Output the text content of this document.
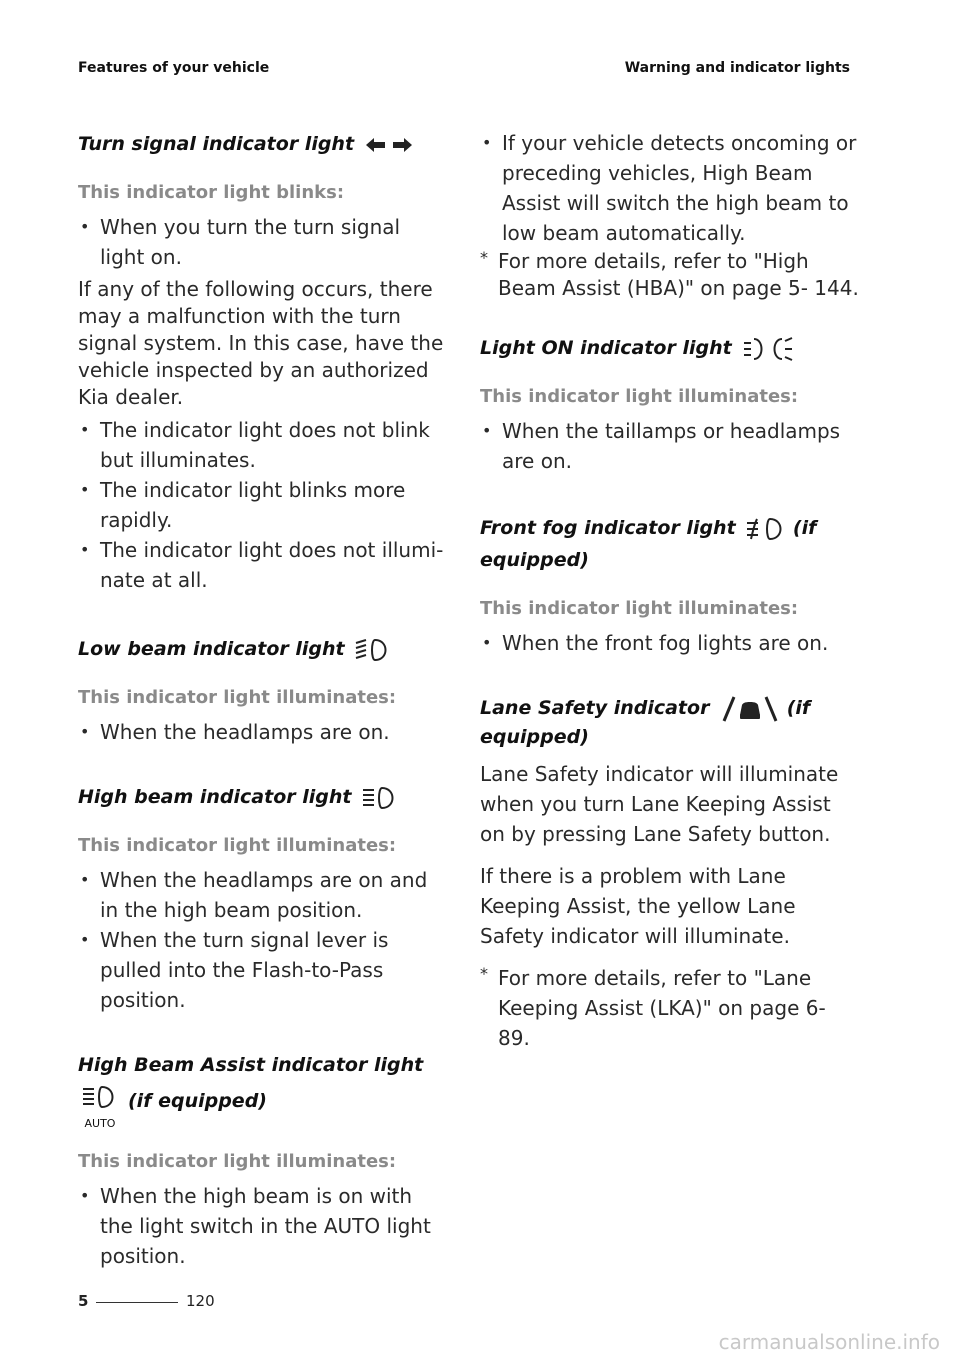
Features of your vehicle	Warning and indicator lights
Turn signal indicator light
This indicator light blinks:
• When you turn the turn signal light on.
If any of the following occurs, there may a malfunction with the turn signal system. In this case, have the vehicle inspected by an authorized Kia dealer.
• The indicator light does not blink but illuminates.
• The indicator light blinks more rapidly.
• The indicator light does not illumi- nate at all.
Low beam indicator light
This indicator light illuminates:
• When the headlamps are on.
High beam indicator light
This indicator light illuminates:
• When the headlamps are on and in the high beam position.
• When the turn signal lever is pulled into the Flash-to-Pass position.
High Beam Assist indicator light
AUTO
(if equipped)
This indicator light illuminates:
• When the high beam is on with the light switch in the AUTO light position.
• If your vehicle detects oncoming or preceding vehicles, High Beam Assist will switch the high beam to low beam automatically.
* For more details, refer to "High Beam Assist (HBA)" on page 5- 144.
Light ON indicator light
This indicator light illuminates:
• When the taillamps or headlamps are on.
Front fog indicator light	(if equipped)
This indicator light illuminates:
• When the front fog lights are on.
Lane Safety indicator	(if equipped)
Lane Safety indicator will illuminate when you turn Lane Keeping Assist on by pressing Lane Safety button.
If there is a problem with Lane Keeping Assist, the yellow Lane Safety indicator will illuminate.
* For more details, refer to "Lane Keeping Assist (LKA)" on page 6- 89.
5	120
carmanualsonline.info
